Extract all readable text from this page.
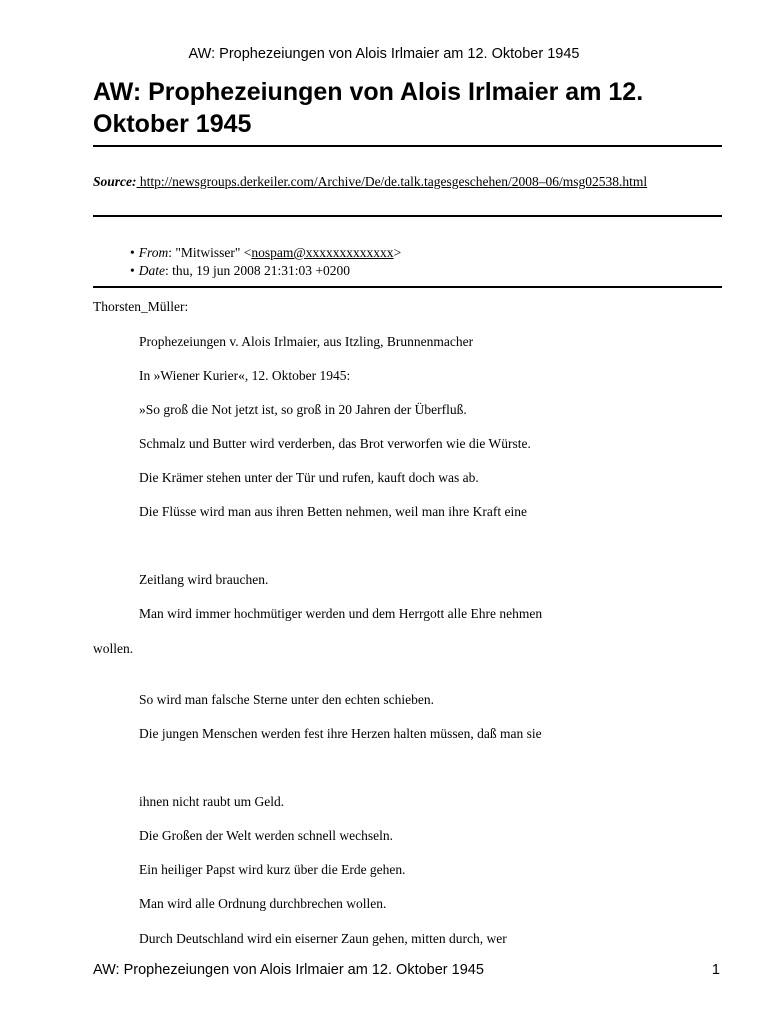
AW: Prophezeiungen von Alois Irlmaier am 12. Oktober 1945
AW: Prophezeiungen von Alois Irlmaier am 12. Oktober 1945
Source: http://newsgroups.derkeiler.com/Archive/De/de.talk.tagesgeschehen/2008–06/msg02538.html
• From: "Mitwisser" <nospam@xxxxxxxxxxxxx>
• Date: thu, 19 jun 2008 21:31:03 +0200
Thorsten_Müller:
Prophezeiungen v. Alois Irlmaier, aus Itzling, Brunnenmacher
In »Wiener Kurier«, 12. Oktober 1945:
»So groß die Not jetzt ist, so groß in 20 Jahren der Überfluß.
Schmalz und Butter wird verderben, das Brot verworfen wie die Würste.
Die Krämer stehen unter der Tür und rufen, kauft doch was ab.
Die Flüsse wird man aus ihren Betten nehmen, weil man ihre Kraft eine
Zeitlang wird brauchen.
Man wird immer hochmütiger werden und dem Herrgott alle Ehre nehmen
wollen.
So wird man falsche Sterne unter den echten schieben.
Die jungen Menschen werden fest ihre Herzen halten müssen, daß man sie
ihnen nicht raubt um Geld.
Die Großen der Welt werden schnell wechseln.
Ein heiliger Papst wird kurz über die Erde gehen.
Man wird alle Ordnung durchbrechen wollen.
Durch Deutschland wird ein eiserner Zaun gehen, mitten durch, wer
AW: Prophezeiungen von Alois Irlmaier am 12. Oktober 1945	1
